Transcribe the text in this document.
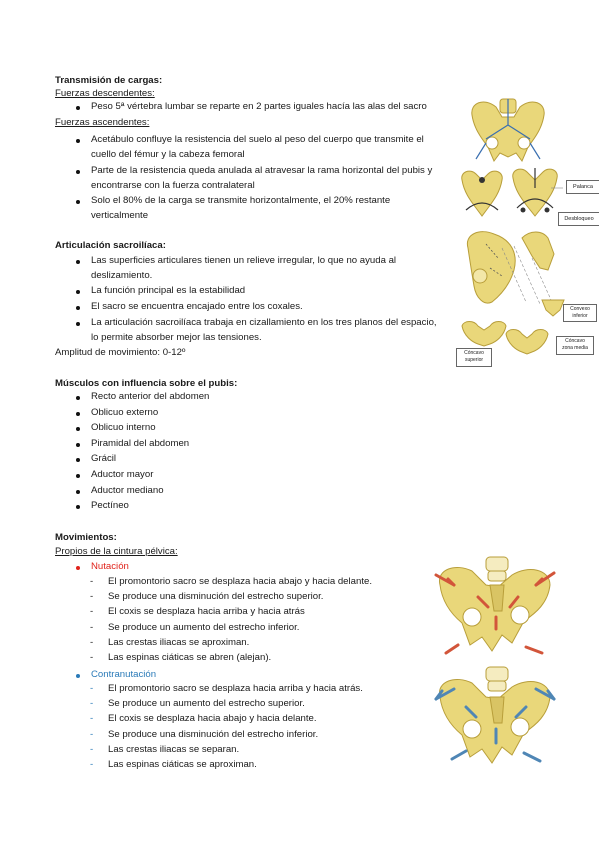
Transmisión de cargas:
Fuerzas descendentes:
Peso 5ª vértebra lumbar se reparte en 2 partes iguales hacía las alas del sacro
Fuerzas ascendentes:
Acetábulo confluye la resistencia del suelo al peso del cuerpo que transmite el
cuello del fémur y la cabeza femoral
Parte de la resistencia queda anulada al atravesar la rama horizontal del pubis y
encontrarse con la fuerza contralateral
Solo el 80% de la carga se transmite horizontalmente, el 20% restante
verticalmente
Articulación sacroilíaca:
Las superficies articulares tienen un relieve irregular, lo que no ayuda al
deslizamiento.
La función principal es la estabilidad
El sacro se encuentra encajado entre los coxales.
La articulación sacroilíaca trabaja en cizallamiento en los tres planos del espacio,
lo permite absorber mejor las tensiones.
Amplitud de movimiento: 0-12º
Músculos con influencia sobre el pubis:
Recto anterior del abdomen
Oblicuo externo
Oblicuo interno
Piramidal del abdomen
Grácil
Aductor mayor
Aductor mediano
Pectíneo
Movimientos:
Propios de la cintura pélvica:
Nutación
- El promontorio sacro se desplaza hacia abajo y hacia delante.
- Se produce una disminución del estrecho superior.
- El coxis se desplaza hacia arriba y hacia atrás
- Se produce un aumento del estrecho inferior.
- Las crestas iliacas se aproximan.
- Las espinas ciáticas se abren (alejan).
Contranutación
- El promontorio sacro se desplaza hacia arriba y hacia atrás.
- Se produce un aumento del estrecho superior.
- El coxis se desplaza hacia abajo y hacia delante.
- Se produce una disminución del estrecho inferior.
- Las crestas iliacas se separan.
- Las espinas ciáticas se aproximan.
Palanca
Desbloqueo
Convexo
inferior
Cóncavo
zona media
Cóncavo
superior
